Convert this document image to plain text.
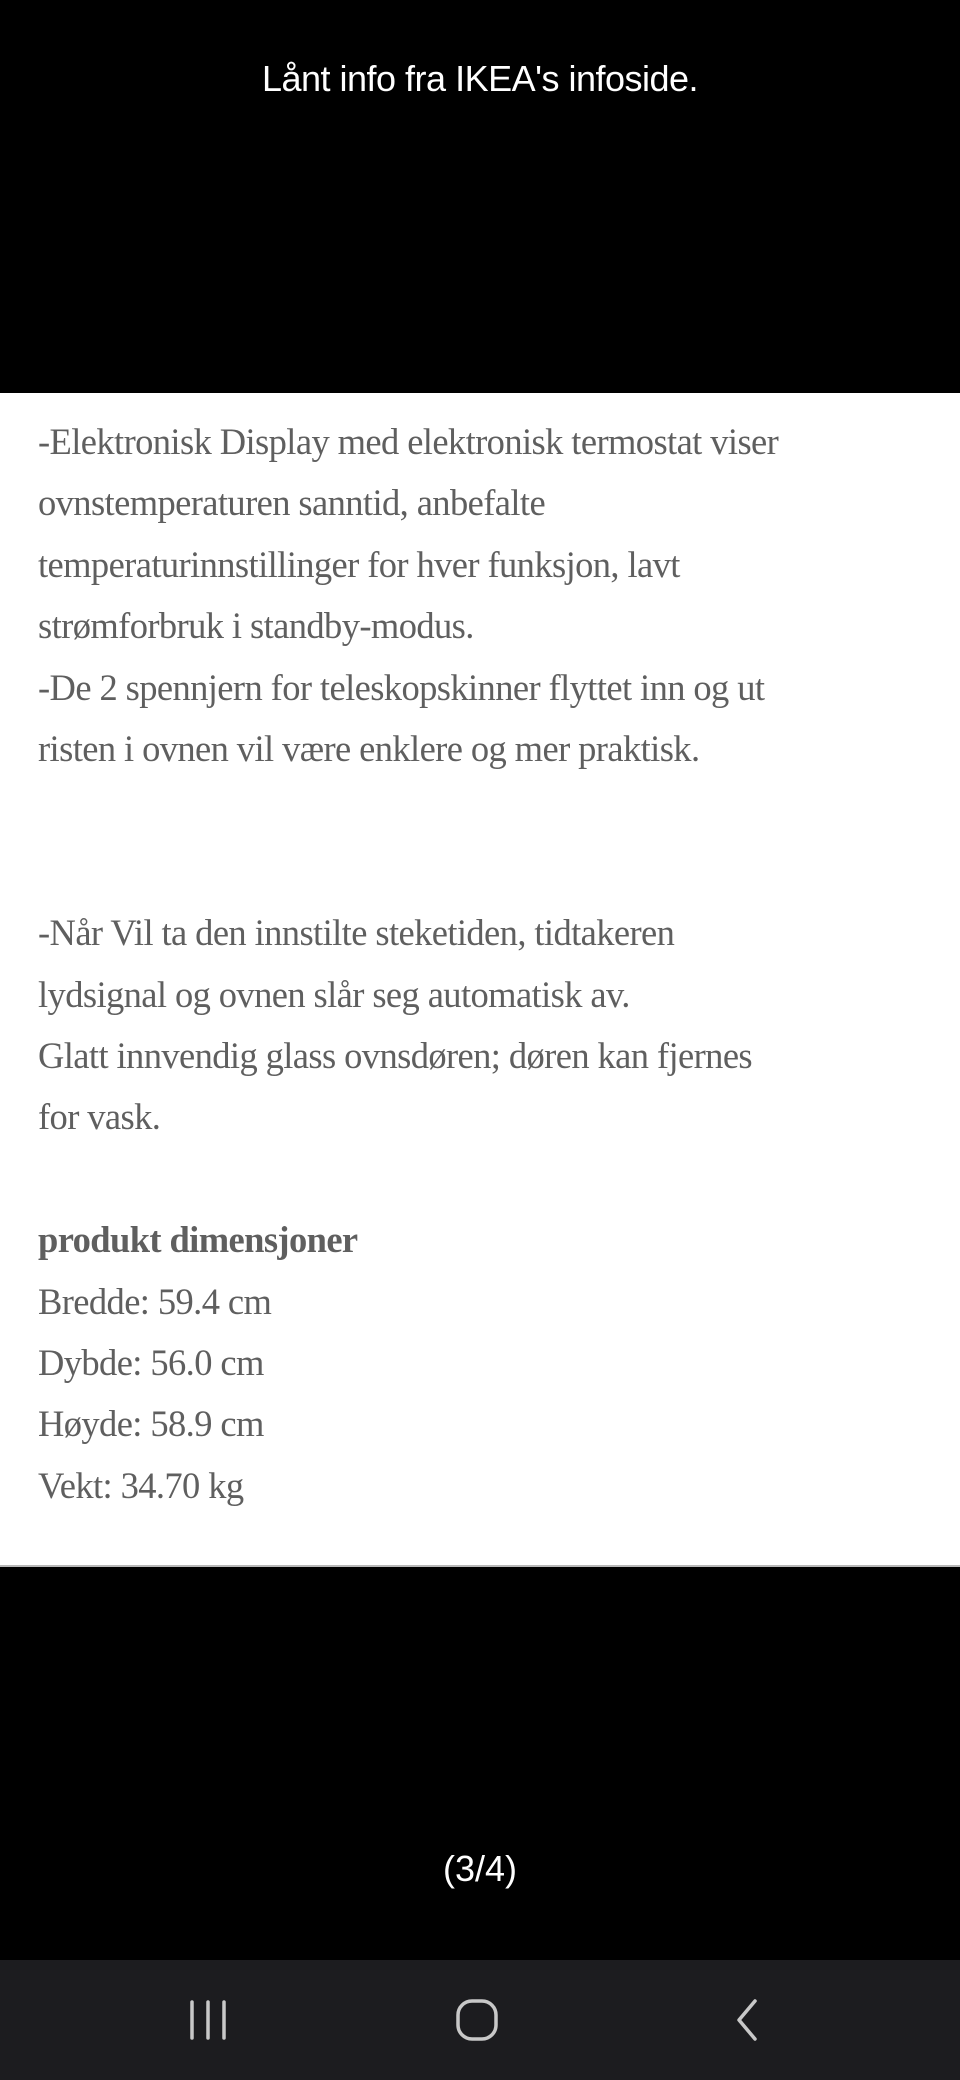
Lånt info fra IKEA's infoside.
-Elektronisk Display med elektronisk termostat viser
ovnstemperaturen sanntid, anbefalte
temperaturinnstillinger for hver funksjon, lavt
strømforbruk i standby-modus.
-De 2 spennjern for teleskopskinner flyttet inn og ut
risten i ovnen vil være enklere og mer praktisk.
-Når Vil ta den innstilte steketiden, tidtakeren
lydsignal og ovnen slår seg automatisk av.
Glatt innvendig glass ovnsdøren; døren kan fjernes
for vask.
produkt dimensjoner
Bredde: 59.4 cm
Dybde: 56.0 cm
Høyde: 58.9 cm
Vekt: 34.70 kg
(3/4)
